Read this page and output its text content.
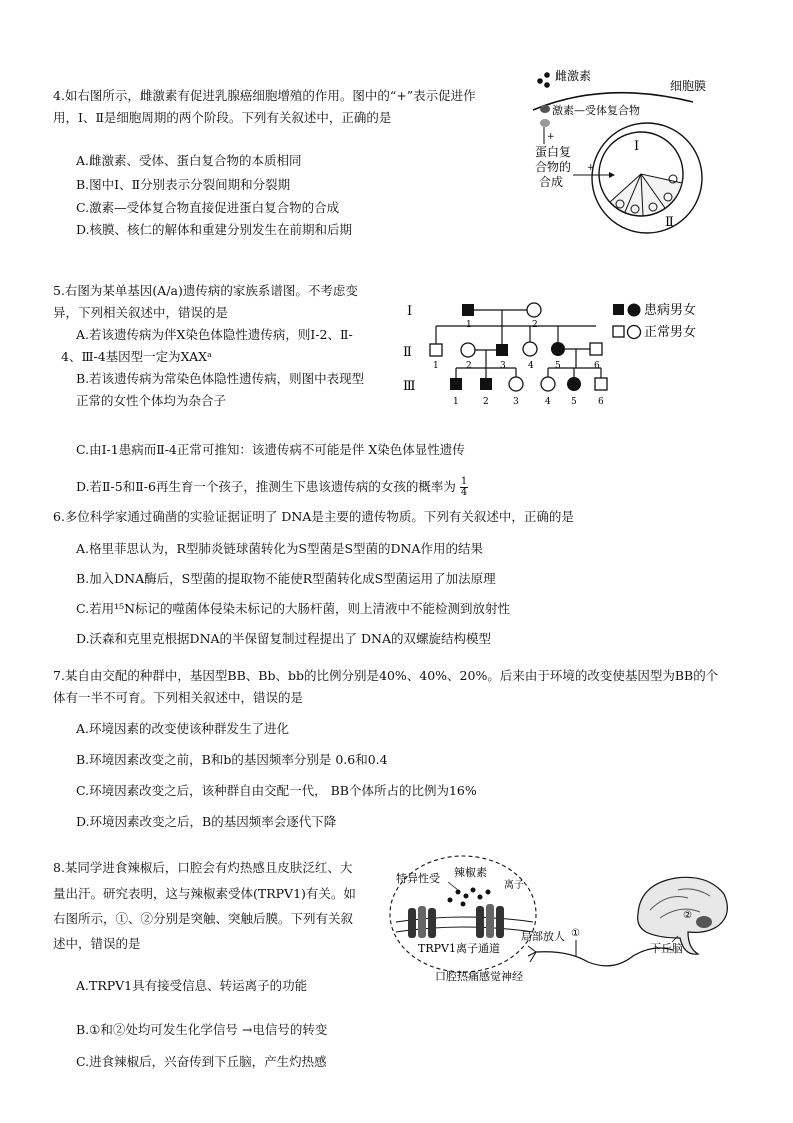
4.如右图所示，雌激素有促进乳腺癌细胞增殖的作用。图中的“+”表示促进作
用，Ⅰ、Ⅱ是细胞周期的两个阶段。下列有关叙述中，正确的是
A.雌激素、受体、蛋白复合物的本质相同
B.图中Ⅰ、Ⅱ分别表示分裂间期和分裂期
C.激素—受体复合物直接促进蛋白复合物的合成
D.核膜、核仁的解体和重建分别发生在前期和后期
雌激素
细胞膜
激素—受体复合物
+
蛋白复
合物的
合成
+
Ⅰ
Ⅱ
5.右图为某单基因(A/a)遗传病的家族系谱图。不考虑变
异，下列相关叙述中，错误的是
A.若该遗传病为伴X染色体隐性遗传病，则Ⅰ-2、Ⅱ-
4、Ⅲ-4基因型一定为XAXᵃ
B.若该遗传病为常染色体隐性遗传病，则图中表现型
正常的女性个体均为杂合子
C.由Ⅰ-1患病而Ⅱ-4正常可推知：该遗传病不可能是伴 X染色体显性遗传
D.若Ⅱ-5和Ⅱ-6再生育一个孩子，推测生下患该遗传病的女孩的概率为 $\frac{1}{4}$
Ⅰ
Ⅱ
Ⅲ
1	2
1	2	3 4 5	6
1	2	3	4 5 6
患病男女
正常男女
6.多位科学家通过确凿的实验证据证明了 DNA是主要的遗传物质。下列有关叙述中，正确的是
A.格里菲思认为，R型肺炎链球菌转化为S型菌是S型菌的DNA作用的结果
B.加入DNA酶后，S型菌的提取物不能使R型菌转化成S型菌运用了加法原理
C.若用¹⁵N标记的噬菌体侵染未标记的大肠杆菌，则上清液中不能检测到放射性
D.沃森和克里克根据DNA的半保留复制过程提出了 DNA的双螺旋结构模型
7.某自由交配的种群中，基因型BB、Bb、bb的比例分别是40%、40%、20%。后来由于环境的改变使基因型为BB的个
体有一半不可育。下列相关叙述中，错误的是
A.环境因素的改变使该种群发生了进化
B.环境因素改变之前，B和b的基因频率分别是 0.6和0.4
C.环境因素改变之后，该种群自由交配一代， BB个体所占的比例为16%
D.环境因素改变之后，B的基因频率会逐代下降
8.某同学进食辣椒后，口腔会有灼热感且皮肤泛红、大
量出汗。研究表明，这与辣椒素受体(TRPV1)有关。如
右图所示，①、②分别是突触、突触后膜。下列有关叙
述中，错误的是
A.TRPV1具有接受信息、转运离子的功能
B.①和②处均可发生化学信号 →电信号的转变
C.进食辣椒后，兴奋传到下丘脑，产生灼热感
特异性受 辣椒素
离子
TRPV1离子通道
局部放人 ①
口腔热痛感觉神经
②
下丘脑
